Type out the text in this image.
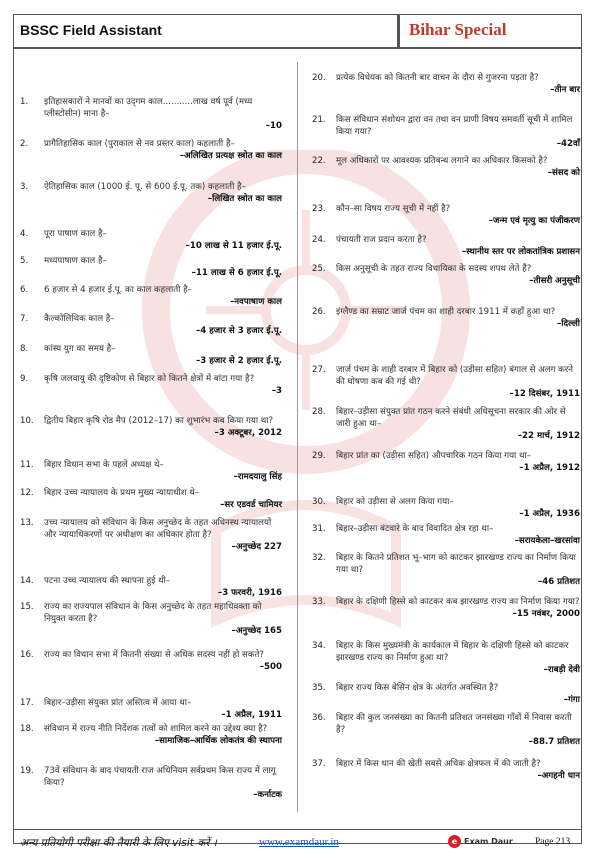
BSSC Field Assistant	Bihar Special
1.	इतिहासकारों ने मानवों का उद्‌गम काल...........लाख वर्ष पूर्व (मध्य प्लीस्टोसीन) माना है–
–10
2.	प्रागैतिहासिक काल (पुराकाल से नव प्रस्तर काल) कहलाती है–
–अलिखित प्रत्यक्ष स्त्रोत का काल
3.	ऐतिहासिक काल (1000 ई. पू. से 600 ई.पू. तक) कहलाती है–
–लिखित स्त्रोत का काल
4.	पूरा पाषाण काल है–
–10 लाख से 11 हजार ई.पू.
5.	मध्यपाषाण काल है–
–11 लाख से 6 हजार ई.पू.
6.	6 हजार से 4 हजार ई.पू. का काल कहलाती है–
–नवपाषाण काल
7.	कैल्कोलिथिक काल है–
–4 हजार से 3 हजार ई.पू.
8.	कांस्य युग का समय है–
–3 हजार से 2 हजार ई.पू.
9.	कृषि जलवायु की दृष्टिकोण से बिहार को कितने क्षेत्रों में बांटा गया है?
–3
10.	द्वितीय बिहार कृषि रोड मैप (2012–17) का शुभारंभ कब किया गया था?
–3 अक्टूबर, 2012
11.	बिहार विधान सभा के पहले अध्यक्ष थे–
–रामदयालु सिंह
12.	बिहार उच्च न्यायालय के प्रथम मुख्य न्यायाधीश थे–
–सर एडवर्ड चामियर
13.	उच्च न्यायालय को संविधान के किस अनुच्छेद के तहत अधिनस्थ न्यायालयों और न्यायाधिकरणों पर अधीक्षण का अधिकार होता है?
–अनुच्छेद 227
14.	पटना उच्च न्यायालय की स्थापना हुई थी–
–3 फरवरी, 1916
15.	राज्य का राज्यपाल संविधान के किस अनुच्छेद के तहत महाधिवक्ता को नियुक्त करता है?
–अनुच्छेद 165
16.	राज्य का विधान सभा में कितनी संख्या से अधिक सदस्य नहीं हो सकते?
–500
17.	बिहार–उड़ीसा संयुक्त प्रांत अस्तित्व में आया था–
–1 अप्रैल, 1911
18.	संविधान में राज्य नीति निर्देशक तत्वों को शामिल करने का उद्देश्य क्या है?
–सामाजिक–आर्थिक लोकतंत्र की स्थापना
19.	73वें संविधान के बाद पंचायती राज अधिनियम सर्वप्रथम किस राज्य में लागू किया?
–कर्नाटक
20.	प्रत्येक विधेयक को कितनी बार वाचन के दौरा से गुजरना पड़ता है?
–तीन बार
21.	किस संविधान संशोधन द्वारा वन तथा वन प्राणी विषय समवर्ती सूची में शामिल किया गया?
–42वाँ
22.	मूल अधिकारों पर आवश्यक प्रतिबन्ध लगाने का अधिकार किसको है?
–संसद को
23.	कौन–सा विषय राज्य सूची में नहीं है?
–जन्म एवं मृत्यु का पंजीकरण
24.	पंचायती राज प्रदान करता है?
–स्थानीय स्तर पर लोकतांत्रिक प्रशासन
25.	किस अनुसूची के तहत राज्य विधायिका के सदस्य शपथ लेते हैं?
–तीसरी अनुसूची
26.	इंग्लैण्ड का सम्राट जार्ज पंचम का शाही दरबार 1911 में कहाँ हुआ था?
–दिल्ली
27.	जार्ज पंचम के शाही दरबार में बिहार को (उड़ीसा सहित) बंगाल से अलग करने की घोषणा कब की गई थी?
–12 दिसंबर, 1911
28.	बिहार–उड़ीसा संयुक्त प्रांत गठन करने संबंधी अधिसूचना सरकार की ओर से जारी हुआ था–
–22 मार्च, 1912
29.	बिहार प्रांत का (उड़ीसा सहित) औपचारिक गठन किया गया था–
–1 अप्रैल, 1912
30.	बिहार को उड़ीसा से अलग किया गया–
–1 अप्रैल, 1936
31.	बिहार–उड़ीसा बंटवारे के बाद विवादित क्षेत्र रहा था–
–सरायकेला–खरसांवा
32.	बिहार के कितने प्रतिशत भू–भाग को काटकर झारखण्ड राज्य का निर्माण किया गया था?
–46 प्रतिशत
33.	बिहार के दक्षिणी हिस्से को काटकर कब झारखण्ड राज्य का निर्माण किया गया?
–15 नवंबर, 2000
34.	बिहार के किस मुख्यमंत्री के कार्यकाल में बिहार के दक्षिणी हिस्से को काटकर झारखण्ड राज्य का निर्माण हुआ था?
–राबड़ी देवी
35.	बिहार राज्य किस बेसिन क्षेत्र के अंतर्गत अवस्थित है?
–गंगा
36.	बिहार की कुल जनसंख्या का कितनी प्रतिशत जनसंख्या गाँवों में निवास करती है?
–88.7 प्रतिशत
37.	बिहार में किस धान की खेती सबसे अधिक क्षेत्रफल में की जाती है?
–अगहनी धान
अन्य प्रतियोगी परीक्षा की तैयारी के लिए visit करें ।	www.examdaur.in	e Exam Daur Page 213
